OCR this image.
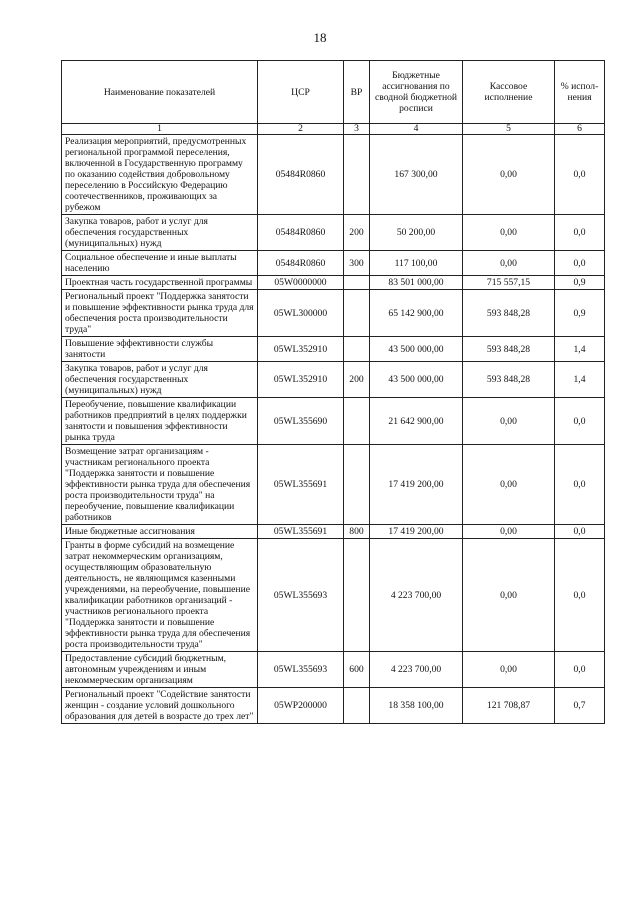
18
Наименование показателей	ЦСР	ВР	Бюджетные ассигнования по сводной бюджетной росписи	Кассовое исполнение	% испол-нения
1	2	3	4	5	6
Реализация мероприятий, предусмотренных региональной программой переселения, включенной в Государственную программу по оказанию содействия добровольному переселению в Российскую Федерацию соотечественников, проживающих за рубежом	05484R0860		167 300,00	0,00	0,0
Закупка товаров, работ и услуг для обеспечения государственных (муниципальных) нужд	05484R0860	200	50 200,00	0,00	0,0
Социальное обеспечение и иные выплаты населению	05484R0860	300	117 100,00	0,00	0,0
Проектная часть государственной программы	05W0000000		83 501 000,00	715 557,15	0,9
Региональный проект "Поддержка занятости и повышение эффективности рынка труда для обеспечения роста производительности труда"	05WL300000		65 142 900,00	593 848,28	0,9
Повышение эффективности службы занятости	05WL352910		43 500 000,00	593 848,28	1,4
Закупка товаров, работ и услуг для обеспечения государственных (муниципальных) нужд	05WL352910	200	43 500 000,00	593 848,28	1,4
Переобучение, повышение квалификации работников предприятий в целях поддержки занятости и повышения эффективности рынка труда	05WL355690		21 642 900,00	0,00	0,0
Возмещение затрат организациям - участникам регионального проекта "Поддержка занятости и повышение эффективности рынка труда для обеспечения роста производительности труда" на переобучение, повышение квалификации работников	05WL355691		17 419 200,00	0,00	0,0
Иные бюджетные ассигнования	05WL355691	800	17 419 200,00	0,00	0,0
Гранты в форме субсидий на возмещение затрат некоммерческим организациям, осуществляющим образовательную деятельность, не являющимся казенными учреждениями, на переобучение, повышение квалификации работников организаций - участников регионального проекта "Поддержка занятости и повышение эффективности рынка труда для обеспечения роста производительности труда"	05WL355693		4 223 700,00	0,00	0,0
Предоставление субсидий бюджетным, автономным учреждениям и иным некоммерческим организациям	05WL355693	600	4 223 700,00	0,00	0,0
Региональный проект "Содействие занятости женщин - создание условий дошкольного образования для детей в возрасте до трех лет"	05WP200000		18 358 100,00	121 708,87	0,7
